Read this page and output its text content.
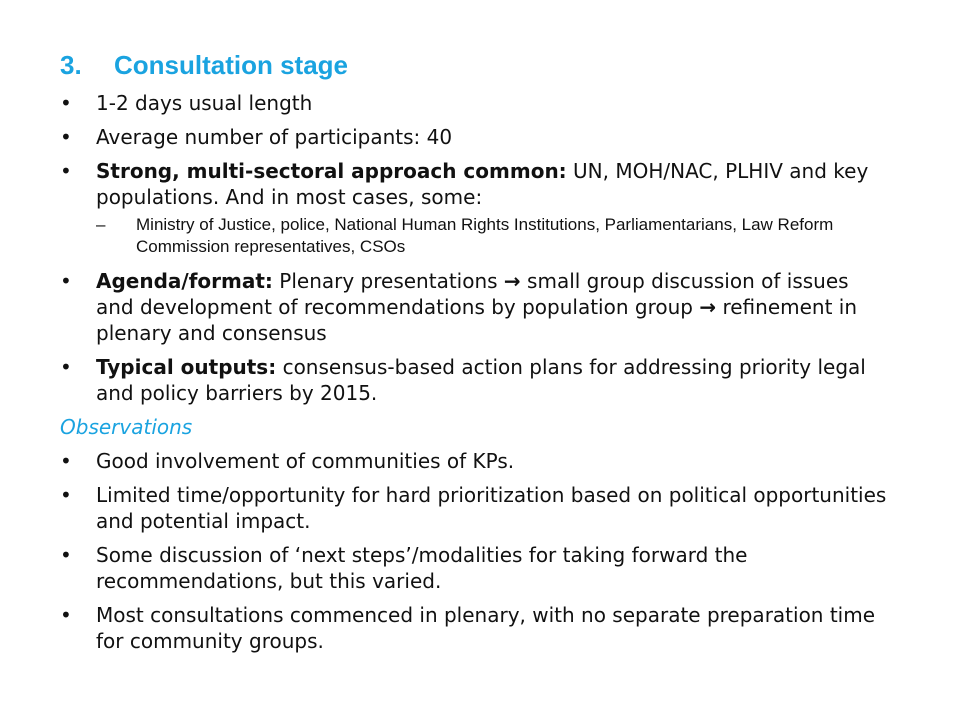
3. Consultation stage
•	1-2 days usual length
•	Average number of participants: 40
•	Strong, multi-sectoral approach common: UN, MOH/NAC, PLHIV and key populations. And in most cases, some:
– Ministry of Justice, police, National Human Rights Institutions, Parliamentarians, Law Reform Commission representatives, CSOs
•	Agenda/format: Plenary presentations → small group discussion of issues and development of recommendations by population group → refinement in plenary and consensus
•	Typical outputs: consensus-based action plans for addressing priority legal and policy barriers by 2015.
Observations
•	Good involvement of communities of KPs.
•	Limited time/opportunity for hard prioritization based on political opportunities and potential impact.
•	Some discussion of ‘next steps’/modalities for taking forward the recommendations, but this varied.
•	Most consultations commenced in plenary, with no separate preparation time for community groups.
